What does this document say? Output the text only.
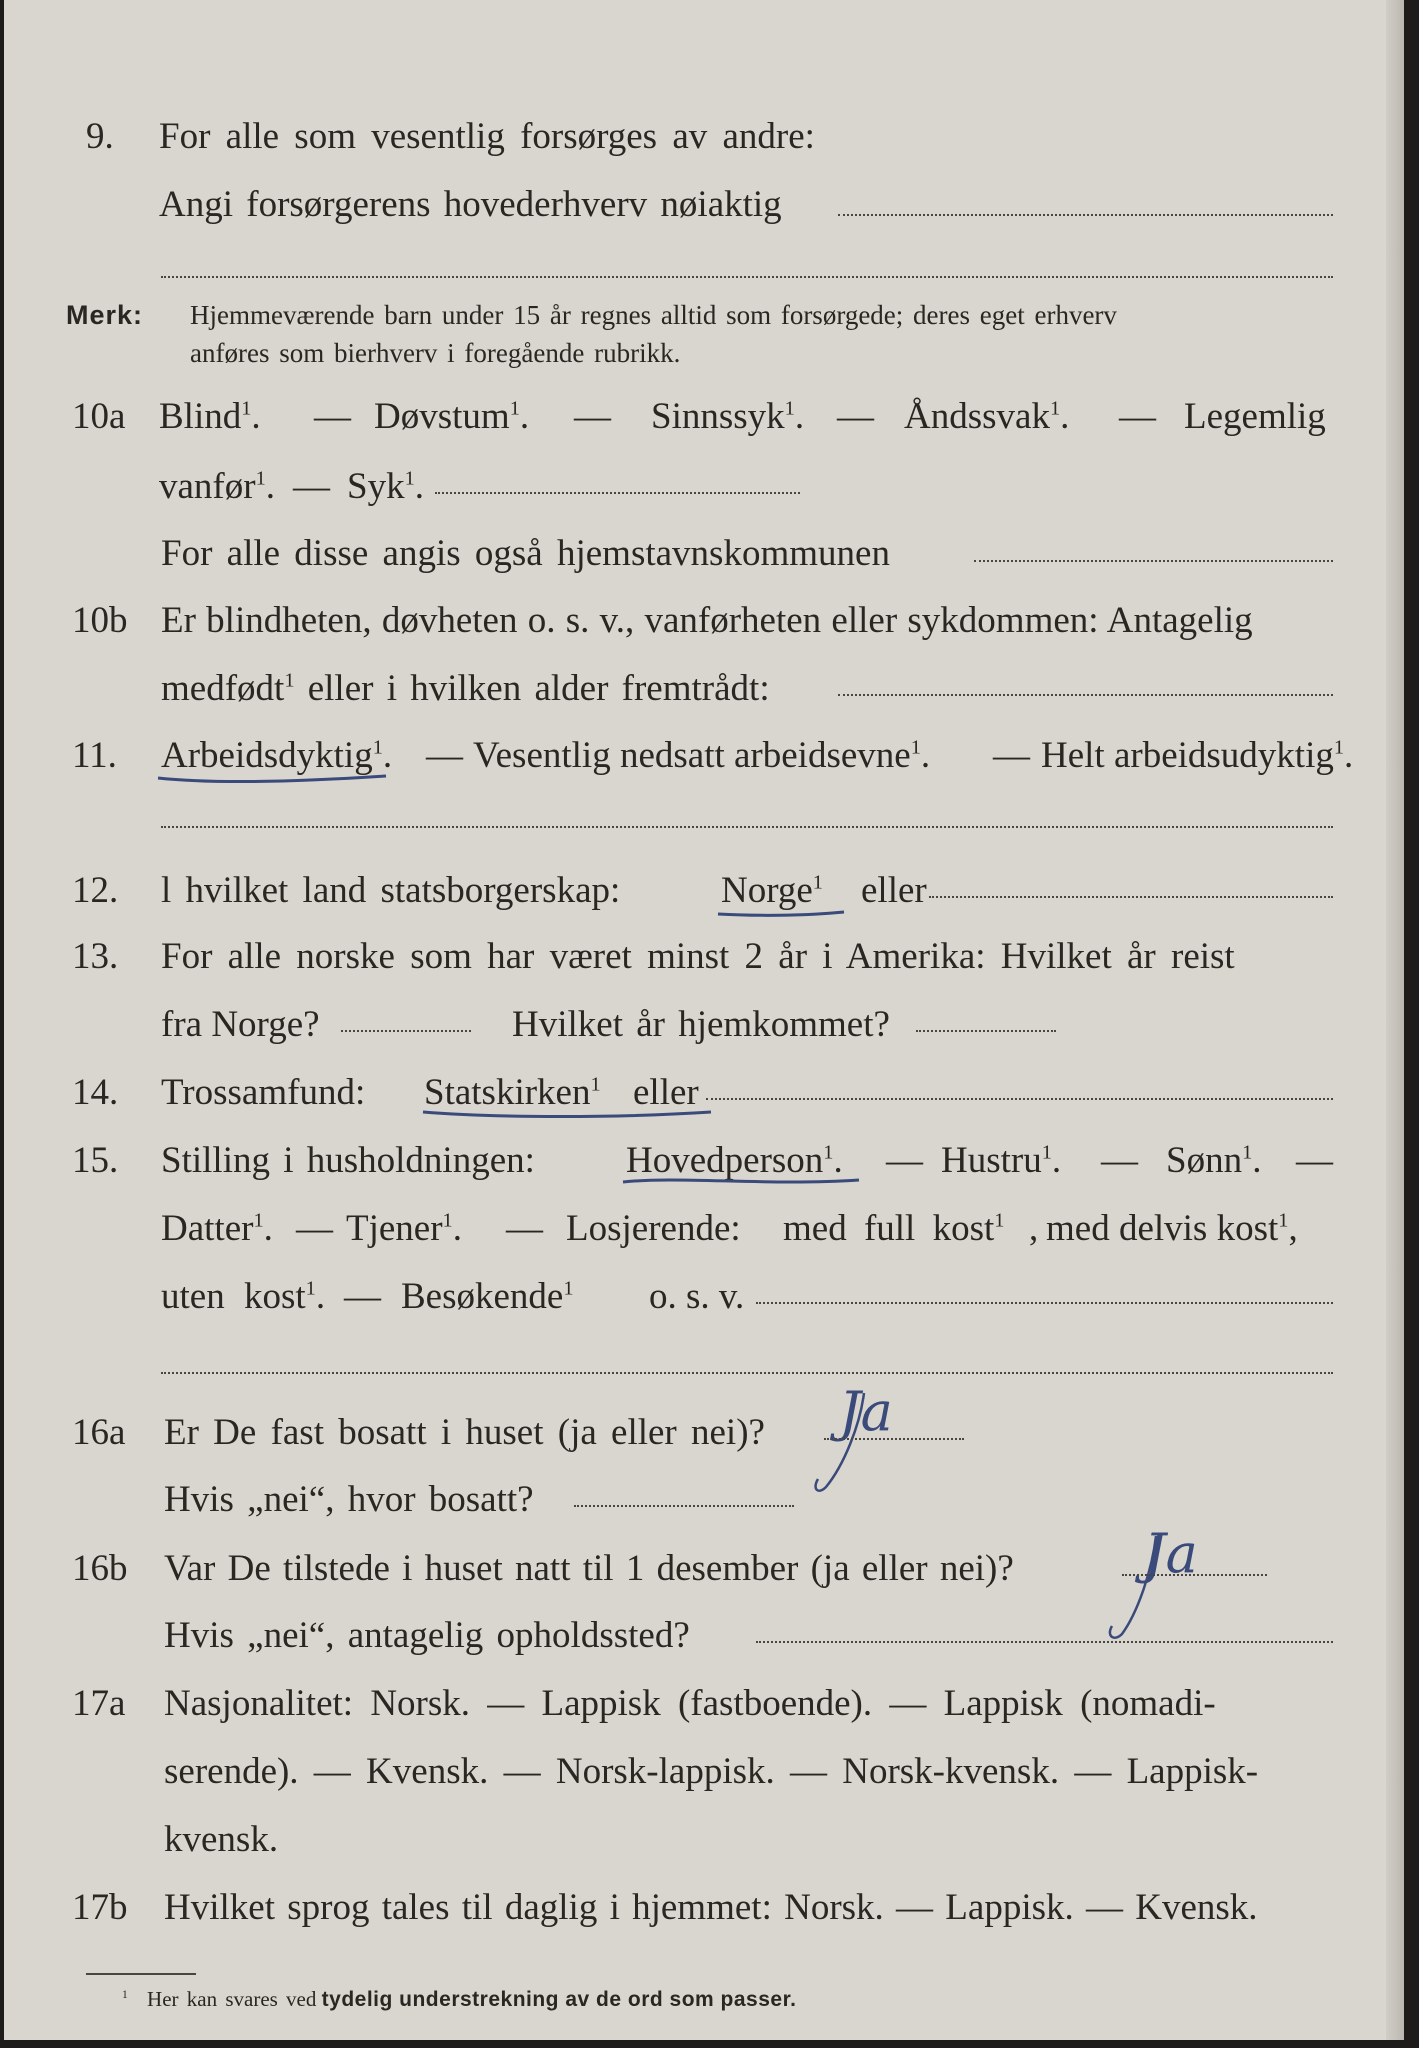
9. For alle som vesentlig forsørges av andre:
Angi forsørgerens hovederhverv nøiaktig
Merk: Hjemmeværende barn under 15 år regnes alltid som forsørgede; deres eget erhverv
anføres som bierhverv i foregående rubrikk.
10a Blind$^1$. — Døvstum$^1$. — Sinnssyk$^1$. — Åndssvak$^1$. — Legemlig
vanfør$^1$. — Syk$^1$.
For alle disse angis også hjemstavnskommunen
10b Er blindheten, døvheten o. s. v., vanførheten eller sykdommen: Antagelig
medfødt$^1$ eller i hvilken alder fremtrådt:
11. Arbeidsdyktig$^1$. — Vesentlig nedsatt arbeidsevne$^1$. — Helt arbeidsudyktig$^1$.
12. l hvilket land statsborgerskap:	Norge$^1$ eller
13. For alle norske som har været minst 2 år i Amerika: Hvilket år reist
fra Norge?	Hvilket år hjemkommet?
14. Trossamfund: Statskirken$^1$ eller
15. Stilling i husholdningen: Hovedperson$^1$. — Hustru$^1$. — Sønn$^1$. —
Datter$^1$. — Tjener$^1$. — Losjerende: med full kost$^1$ , med delvis kost$^1$,
uten kost$^1$. — Besøkende$^1$ o. s. v.
16a Er De fast bosatt i huset (ja eller nei)? Ja
Hvis „nei“, hvor bosatt?
16b Var De tilstede i huset natt til 1 desember (ja eller nei)? Ja
Hvis „nei“, antagelig opholdssted?
17a Nasjonalitet: Norsk. — Lappisk (fastboende). — Lappisk (nomadi-
serende). — Kvensk. — Norsk-lappisk. — Norsk-kvensk. — Lappisk-
kvensk.
17b Hvilket sprog tales til daglig i hjemmet: Norsk. — Lappisk. — Kvensk.
$^1$ Her kan svares ved tydelig understrekning av de ord som passer.
